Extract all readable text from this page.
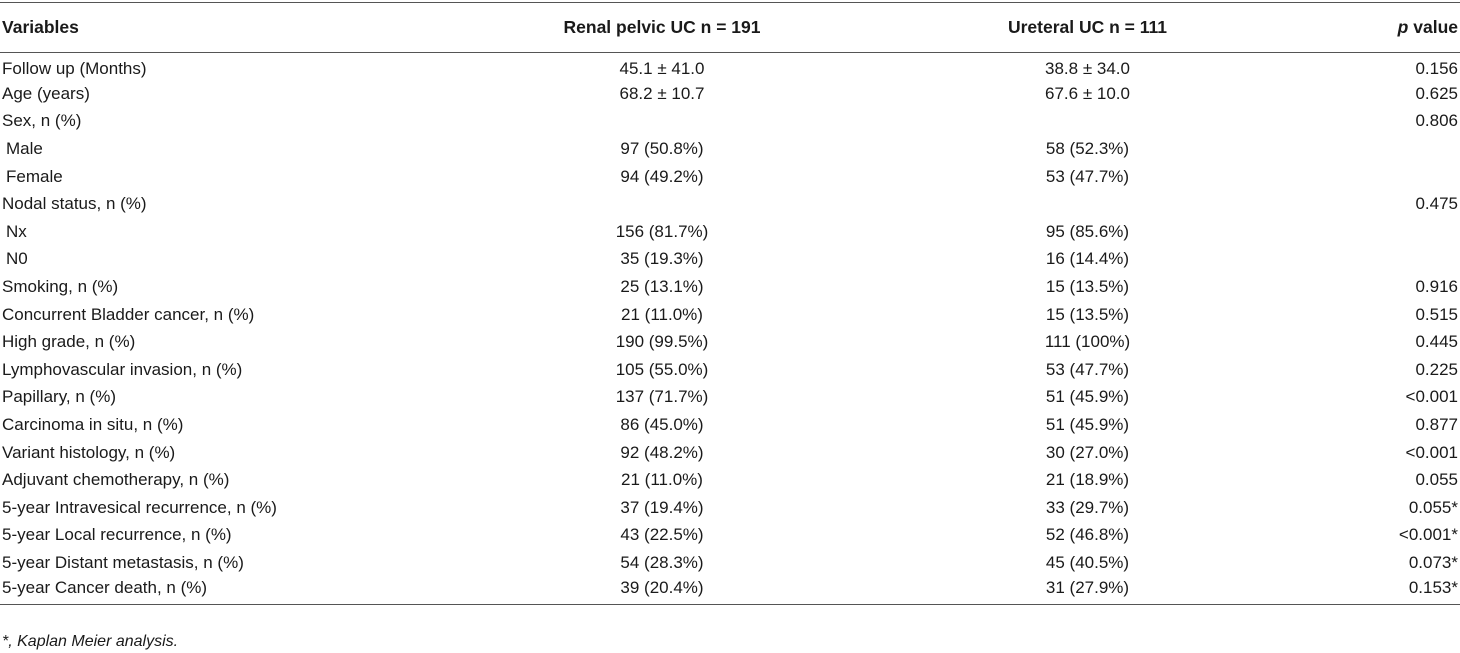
Variables	Renal pelvic UC n = 191	Ureteral UC n = 111	p value
Follow up (Months)	45.1 ± 41.0	38.8 ± 34.0	0.156
Age (years)	68.2 ± 10.7	67.6 ± 10.0	0.625
Sex, n (%)			0.806
Male	97 (50.8%)	58 (52.3%)	
Female	94 (49.2%)	53 (47.7%)	
Nodal status, n (%)			0.475
Nx	156 (81.7%)	95 (85.6%)	
N0	35 (19.3%)	16 (14.4%)	
Smoking, n (%)	25 (13.1%)	15 (13.5%)	0.916
Concurrent Bladder cancer, n (%)	21 (11.0%)	15 (13.5%)	0.515
High grade, n (%)	190 (99.5%)	111 (100%)	0.445
Lymphovascular invasion, n (%)	105 (55.0%)	53 (47.7%)	0.225
Papillary, n (%)	137 (71.7%)	51 (45.9%)	<0.001
Carcinoma in situ, n (%)	86 (45.0%)	51 (45.9%)	0.877
Variant histology, n (%)	92 (48.2%)	30 (27.0%)	<0.001
Adjuvant chemotherapy, n (%)	21 (11.0%)	21 (18.9%)	0.055
5-year Intravesical recurrence, n (%)	37 (19.4%)	33 (29.7%)	0.055*
5-year Local recurrence, n (%)	43 (22.5%)	52 (46.8%)	<0.001*
5-year Distant metastasis, n (%)	54 (28.3%)	45 (40.5%)	0.073*
5-year Cancer death, n (%)	39 (20.4%)	31 (27.9%)	0.153*
*, Kaplan Meier analysis.
